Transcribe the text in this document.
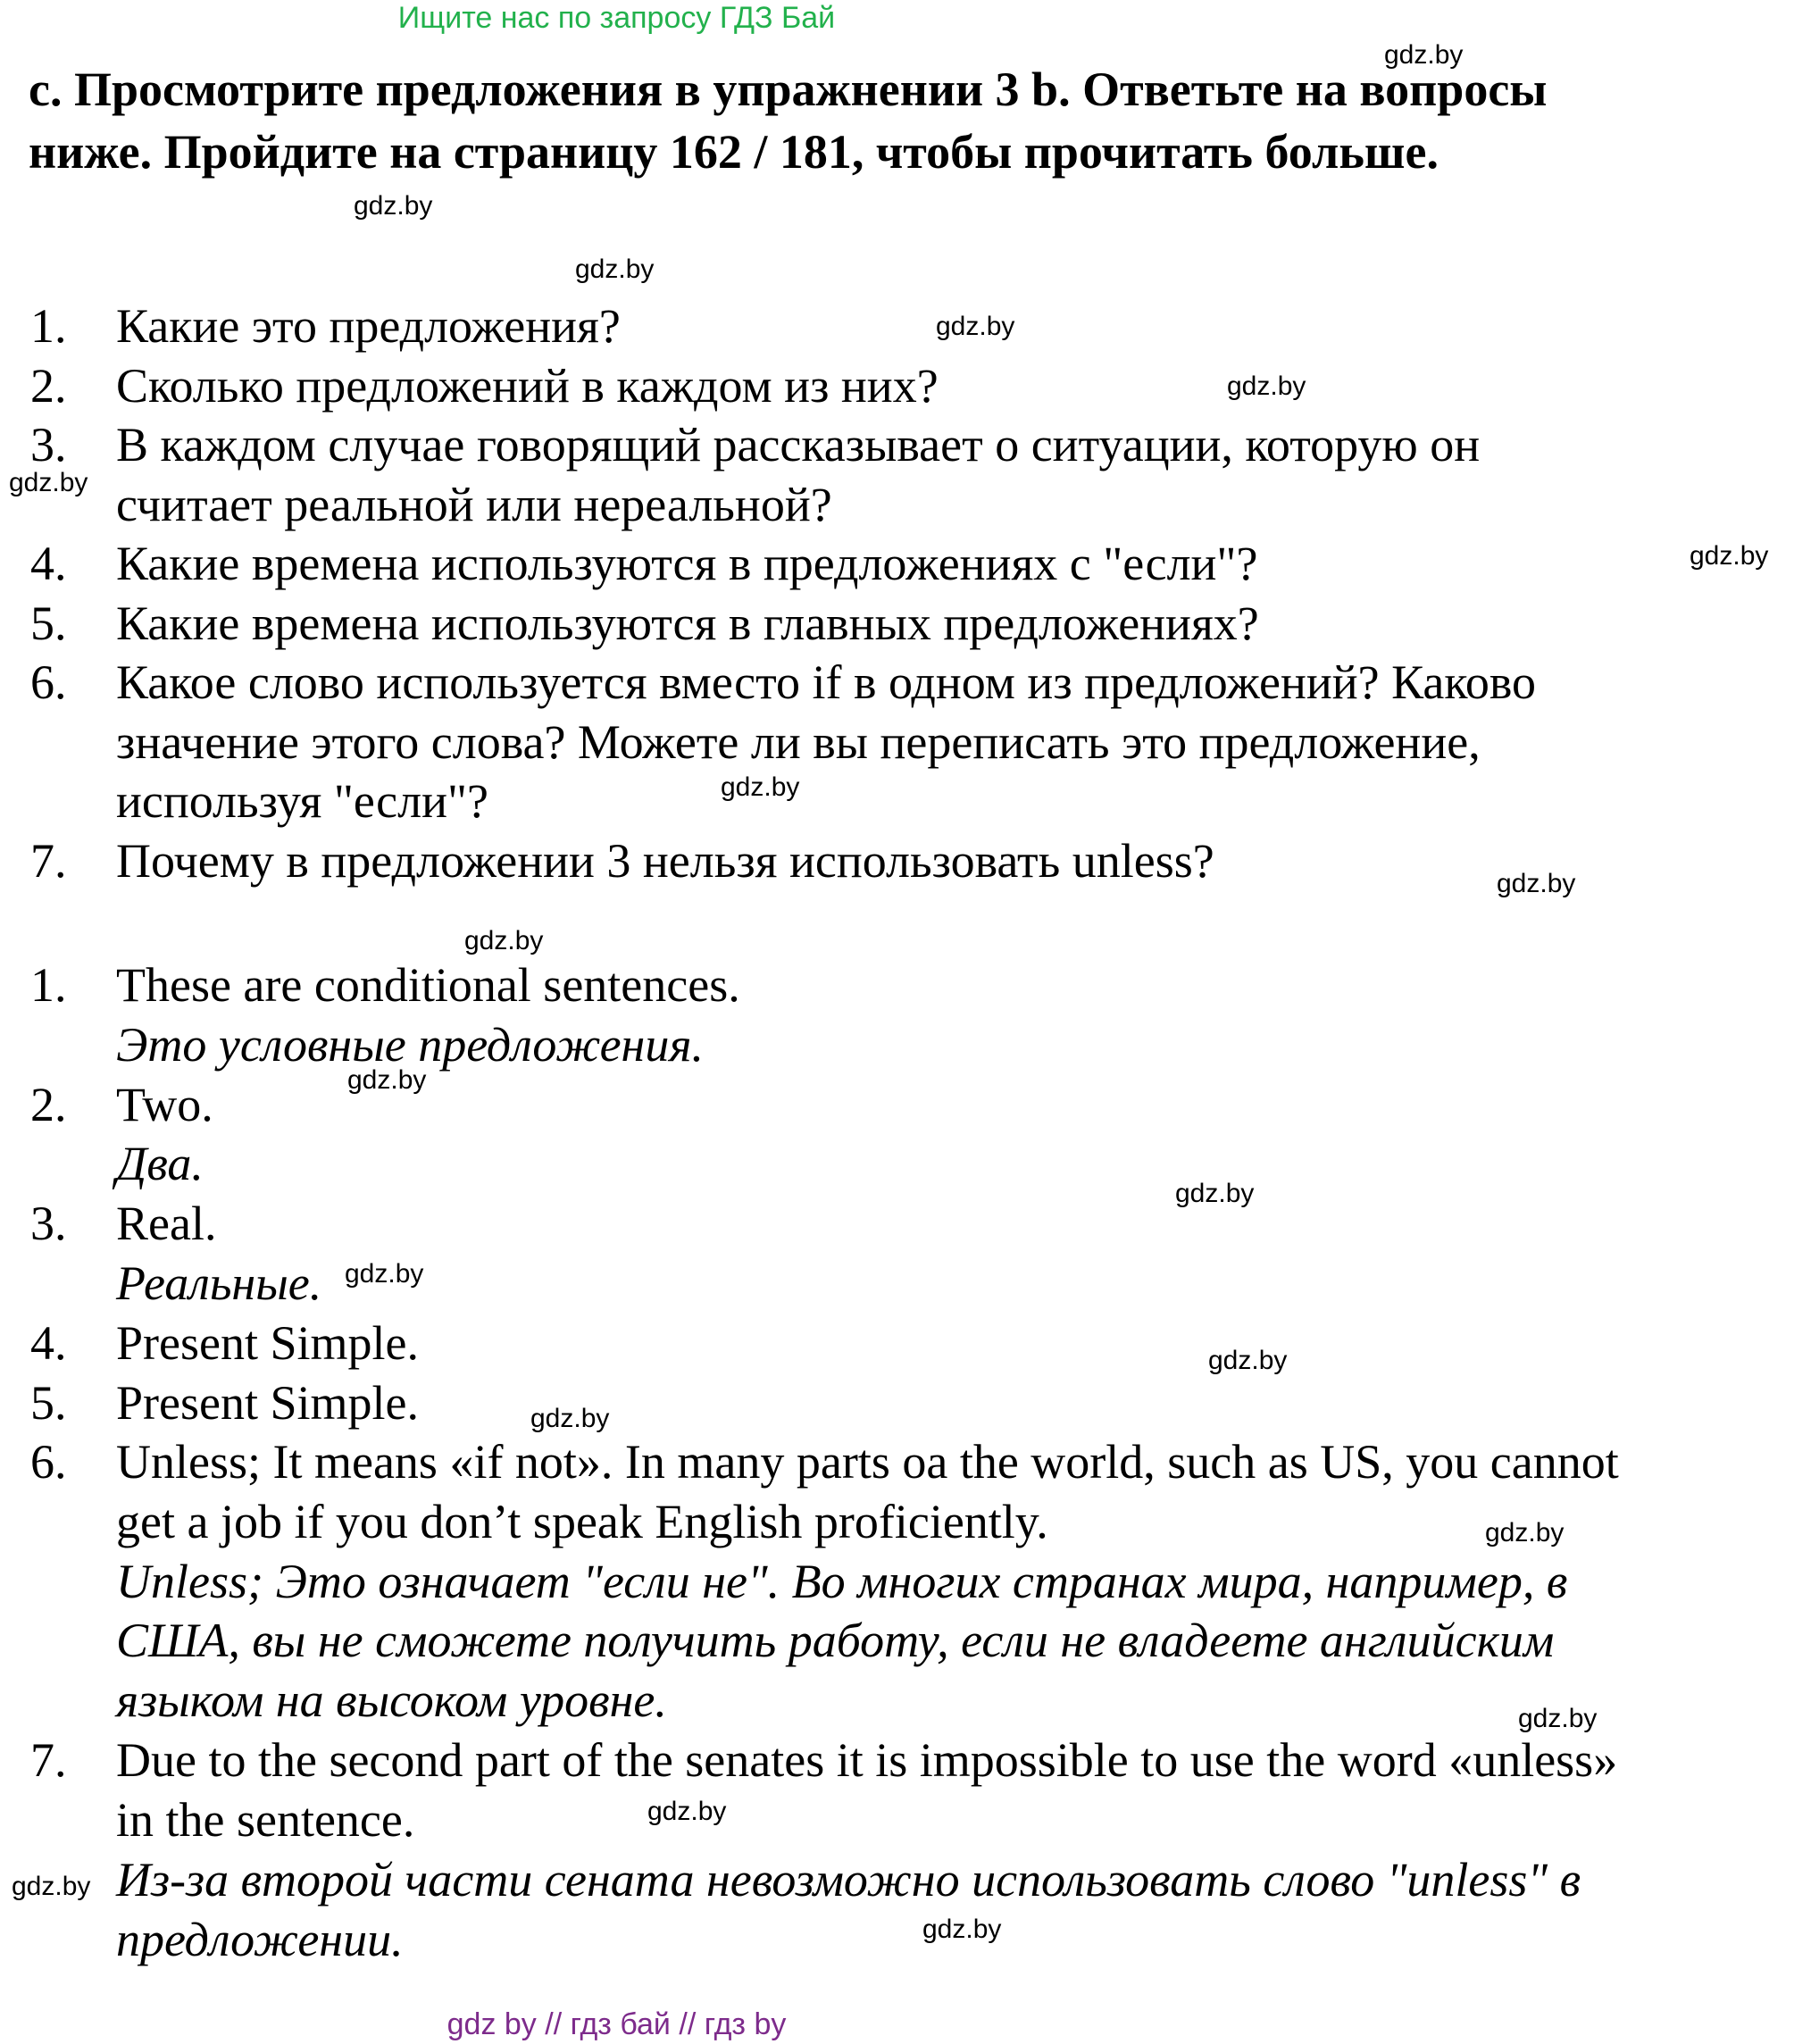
Ищите нас по запросу ГДЗ Бай
c. Просмотрите предложения в упражнении 3 b. Ответьте на вопросы
ниже. Пройдите на страницу 162 / 181, чтобы прочитать больше.
1.	Какие это предложения?
2.	Сколько предложений в каждом из них?
3.	В каждом случае говорящий рассказывает о ситуации, которую он
считает реальной или нереальной?
4.	Какие времена используются в предложениях с "если"?
5.	Какие времена используются в главных предложениях?
6.	Какое слово используется вместо if в одном из предложений? Каково
значение этого слова? Можете ли вы переписать это предложение,
используя "если"?
7.	Почему в предложении 3 нельзя использовать unless?
1.	These are conditional sentences.
Это условные предложения.
2.	Two.
Два.
3.	Real.
Реальные.
4.	Present Simple.
5.	Present Simple.
6.	Unless; It means «if not». In many parts oa the world, such as US, you cannot
get a job if you don’t speak English proficiently.
Unless; Это означает "если не". Во многих странах мира, например, в
США, вы не сможете получить работу, если не владеете английским
языком на высоком уровне.
7.	Due to the second part of the senates it is impossible to use the word «unless»
in the sentence.
Из-за второй части сената невозможно использовать слово "unless" в
предложении.
gdz.by
gdz.by
gdz.by
gdz.by
gdz.by
gdz.by
gdz.by
gdz.by
gdz.by
gdz.by
gdz.by
gdz.by
gdz.by
gdz.by
gdz.by
gdz.by
gdz.by
gdz.by
gdz.by
gdz.by
gdz by // гдз бай // гдз by
